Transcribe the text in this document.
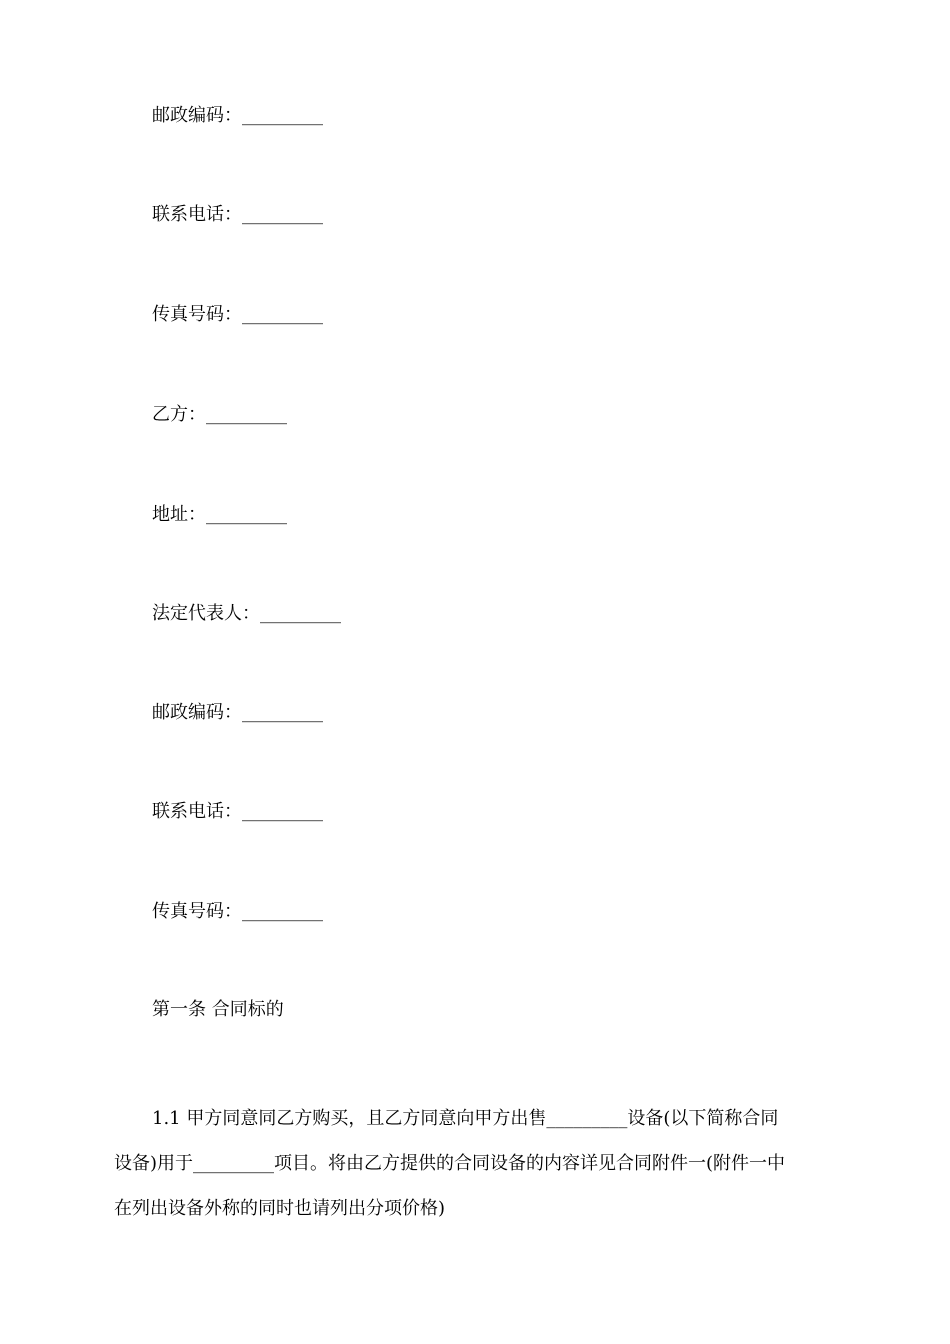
邮政编码：_________
联系电话：_________
传真号码：_________
乙方：_________
地址：_________
法定代表人：_________
邮政编码：_________
联系电话：_________
传真号码：_________
第一条 合同标的
1.1 甲方同意同乙方购买，且乙方同意向甲方出售_________设备(以下简称合同
设备)用于_________项目。将由乙方提供的合同设备的内容详见合同附件一(附件一中
在列出设备外称的同时也请列出分项价格)
